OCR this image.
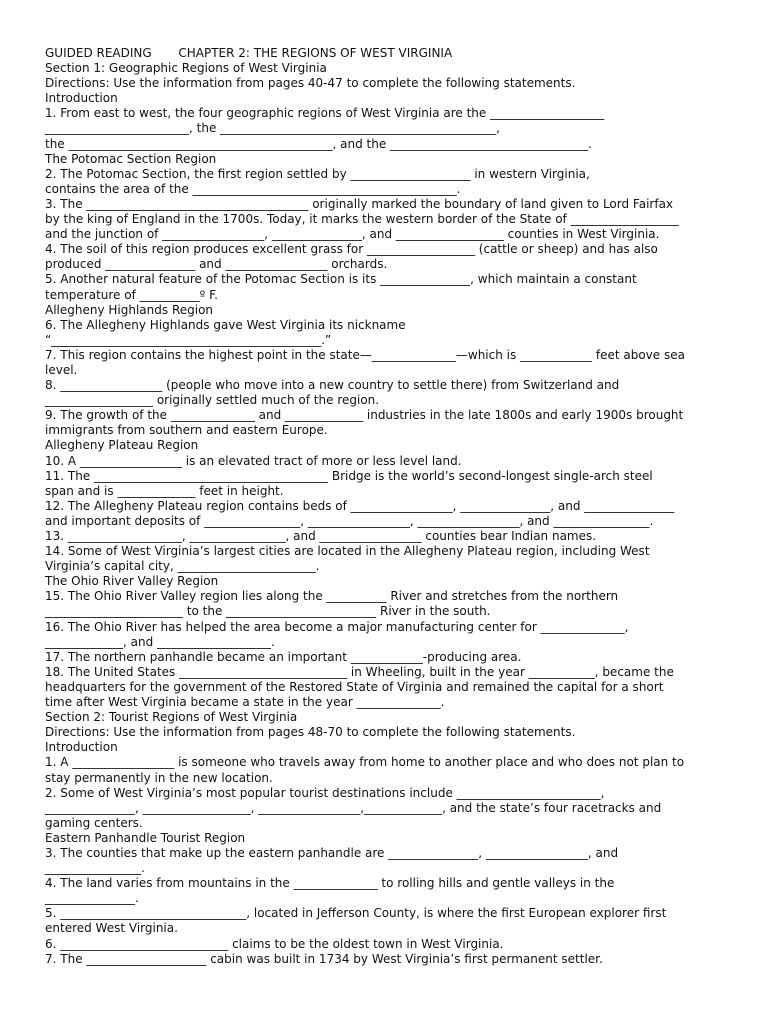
GUIDED READING       CHAPTER 2: THE REGIONS OF WEST VIRGINIA

Section 1: Geographic Regions of West Virginia

Directions: Use the information from pages 40-47 to complete the following statements.

Introduction

1. From east to west, the four geographic regions of West Virginia are the ___________________

________________________, the ______________________________________________,

the ____________________________________________, and the _________________________________.

The Potomac Section Region

2. The Potomac Section, the first region settled by ____________________ in western Virginia,

contains the area of the ____________________________________________.

3. The _____________________________________ originally marked the boundary of land given to Lord Fairfax

by the king of England in the 1700s. Today, it marks the western border of the State of __________________

and the junction of _________________, _______________, and __________________ counties in West Virginia.

4. The soil of this region produces excellent grass for __________________ (cattle or sheep) and has also

produced _______________ and _________________ orchards.

5. Another natural feature of the Potomac Section is its _______________, which maintain a constant

temperature of __________º F.

Allegheny Highlands Region

6. The Allegheny Highlands gave West Virginia its nickname

“_____________________________________________.”

7. This region contains the highest point in the state—______________—which is ____________ feet above sea

level.

8. _________________ (people who move into a new country to settle there) from Switzerland and

__________________ originally settled much of the region.

9. The growth of the ______________ and _____________ industries in the late 1800s and early 1900s brought

immigrants from southern and eastern Europe.

Allegheny Plateau Region

10. A _________________ is an elevated tract of more or less level land.

11. The _______________________________________ Bridge is the world’s second-longest single-arch steel

span and is _____________ feet in height.

12. The Allegheny Plateau region contains beds of _________________, _______________, and _______________

and important deposits of ________________, _________________, _________________, and ________________.

13. ___________________, ________________, and _________________ counties bear Indian names.

14. Some of West Virginia’s largest cities are located in the Allegheny Plateau region, including West

Virginia’s capital city, _______________________.

The Ohio River Valley Region

15. The Ohio River Valley region lies along the __________ River and stretches from the northern

_______________________ to the _________________________ River in the south.

16. The Ohio River has helped the area become a major manufacturing center for ______________,

_____________, and ___________________.

17. The northern panhandle became an important ____________-producing area.

18. The United States ____________________________ in Wheeling, built in the year ___________, became the

headquarters for the government of the Restored State of Virginia and remained the capital for a short

time after West Virginia became a state in the year ______________.

Section 2: Tourist Regions of West Virginia

Directions: Use the information from pages 48-70 to complete the following statements.

Introduction

1. A _________________ is someone who travels away from home to another place and who does not plan to

stay permanently in the new location.

2. Some of West Virginia’s most popular tourist destinations include ________________________,

_______________, __________________, _________________,_____________, and the state’s four racetracks and

gaming centers.

Eastern Panhandle Tourist Region

3. The counties that make up the eastern panhandle are _______________, _________________, and

________________.

4. The land varies from mountains in the ______________ to rolling hills and gentle valleys in the

_______________.

5. _______________________________, located in Jefferson County, is where the first European explorer first

entered West Virginia.

6. ____________________________ claims to be the oldest town in West Virginia.

7. The ____________________ cabin was built in 1734 by West Virginia’s first permanent settler.
